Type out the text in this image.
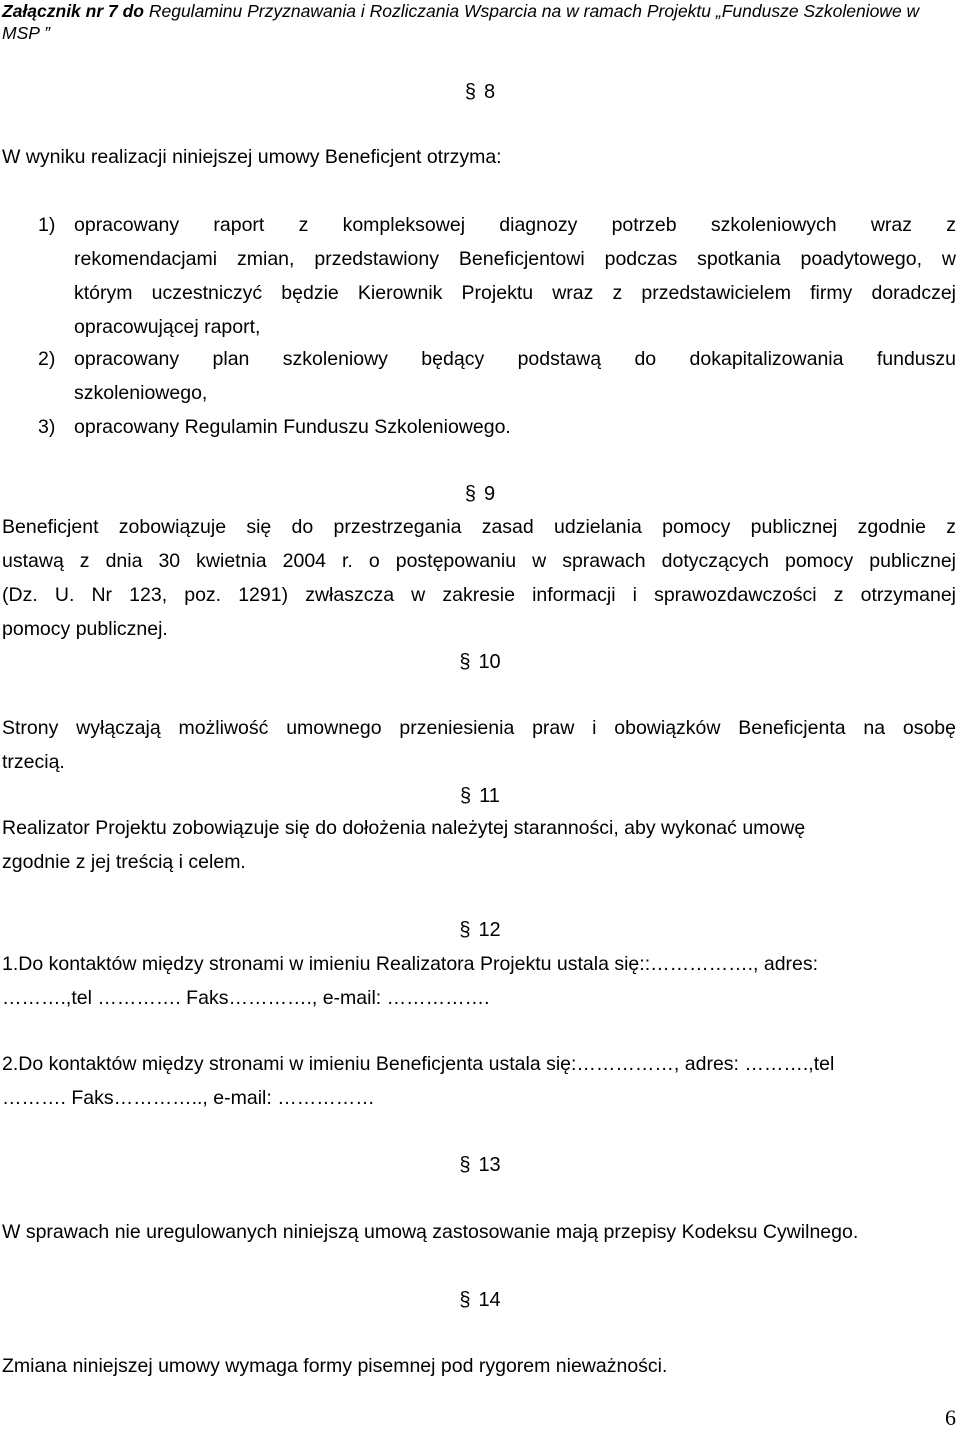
Załącznik nr 7 do Regulaminu Przyznawania i Rozliczania Wsparcia na w ramach Projektu „Fundusze Szkoleniowe w
MSP ”
§ 8
W wyniku realizacji niniejszej umowy Beneficjent otrzyma:
1) opracowany raport z kompleksowej diagnozy potrzeb szkoleniowych wraz z
rekomendacjami zmian, przedstawiony Beneficjentowi podczas spotkania poadytowego, w
którym uczestniczyć będzie Kierownik Projektu wraz z przedstawicielem firmy doradczej
opracowującej raport,
2) opracowany plan szkoleniowy będący podstawą do dokapitalizowania funduszu
szkoleniowego,
3) opracowany Regulamin Funduszu Szkoleniowego.
§ 9
Beneficjent zobowiązuje się do przestrzegania zasad udzielania pomocy publicznej zgodnie z
ustawą z dnia 30 kwietnia 2004 r. o postępowaniu w sprawach dotyczących pomocy publicznej
(Dz. U. Nr 123, poz. 1291) zwłaszcza w zakresie informacji i sprawozdawczości z otrzymanej
pomocy publicznej.
§ 10
Strony wyłączają możliwość umownego przeniesienia praw i obowiązków Beneficjenta na osobę
trzecią.
§ 11
Realizator Projektu zobowiązuje się do dołożenia należytej staranności, aby wykonać umowę
zgodnie z jej treścią i celem.
§ 12
1.Do kontaktów między stronami w imieniu Realizatora Projektu ustala się::……………., adres:
……….,tel …………. Faks…………., e-mail: …………….
2.Do kontaktów między stronami w imieniu Beneficjenta ustala się:……………, adres: ……….,tel
………. Faks………….., e-mail: ……………
§ 13
W sprawach nie uregulowanych niniejszą umową zastosowanie mają przepisy Kodeksu Cywilnego.
§ 14
Zmiana niniejszej umowy wymaga formy pisemnej pod rygorem nieważności.
6
